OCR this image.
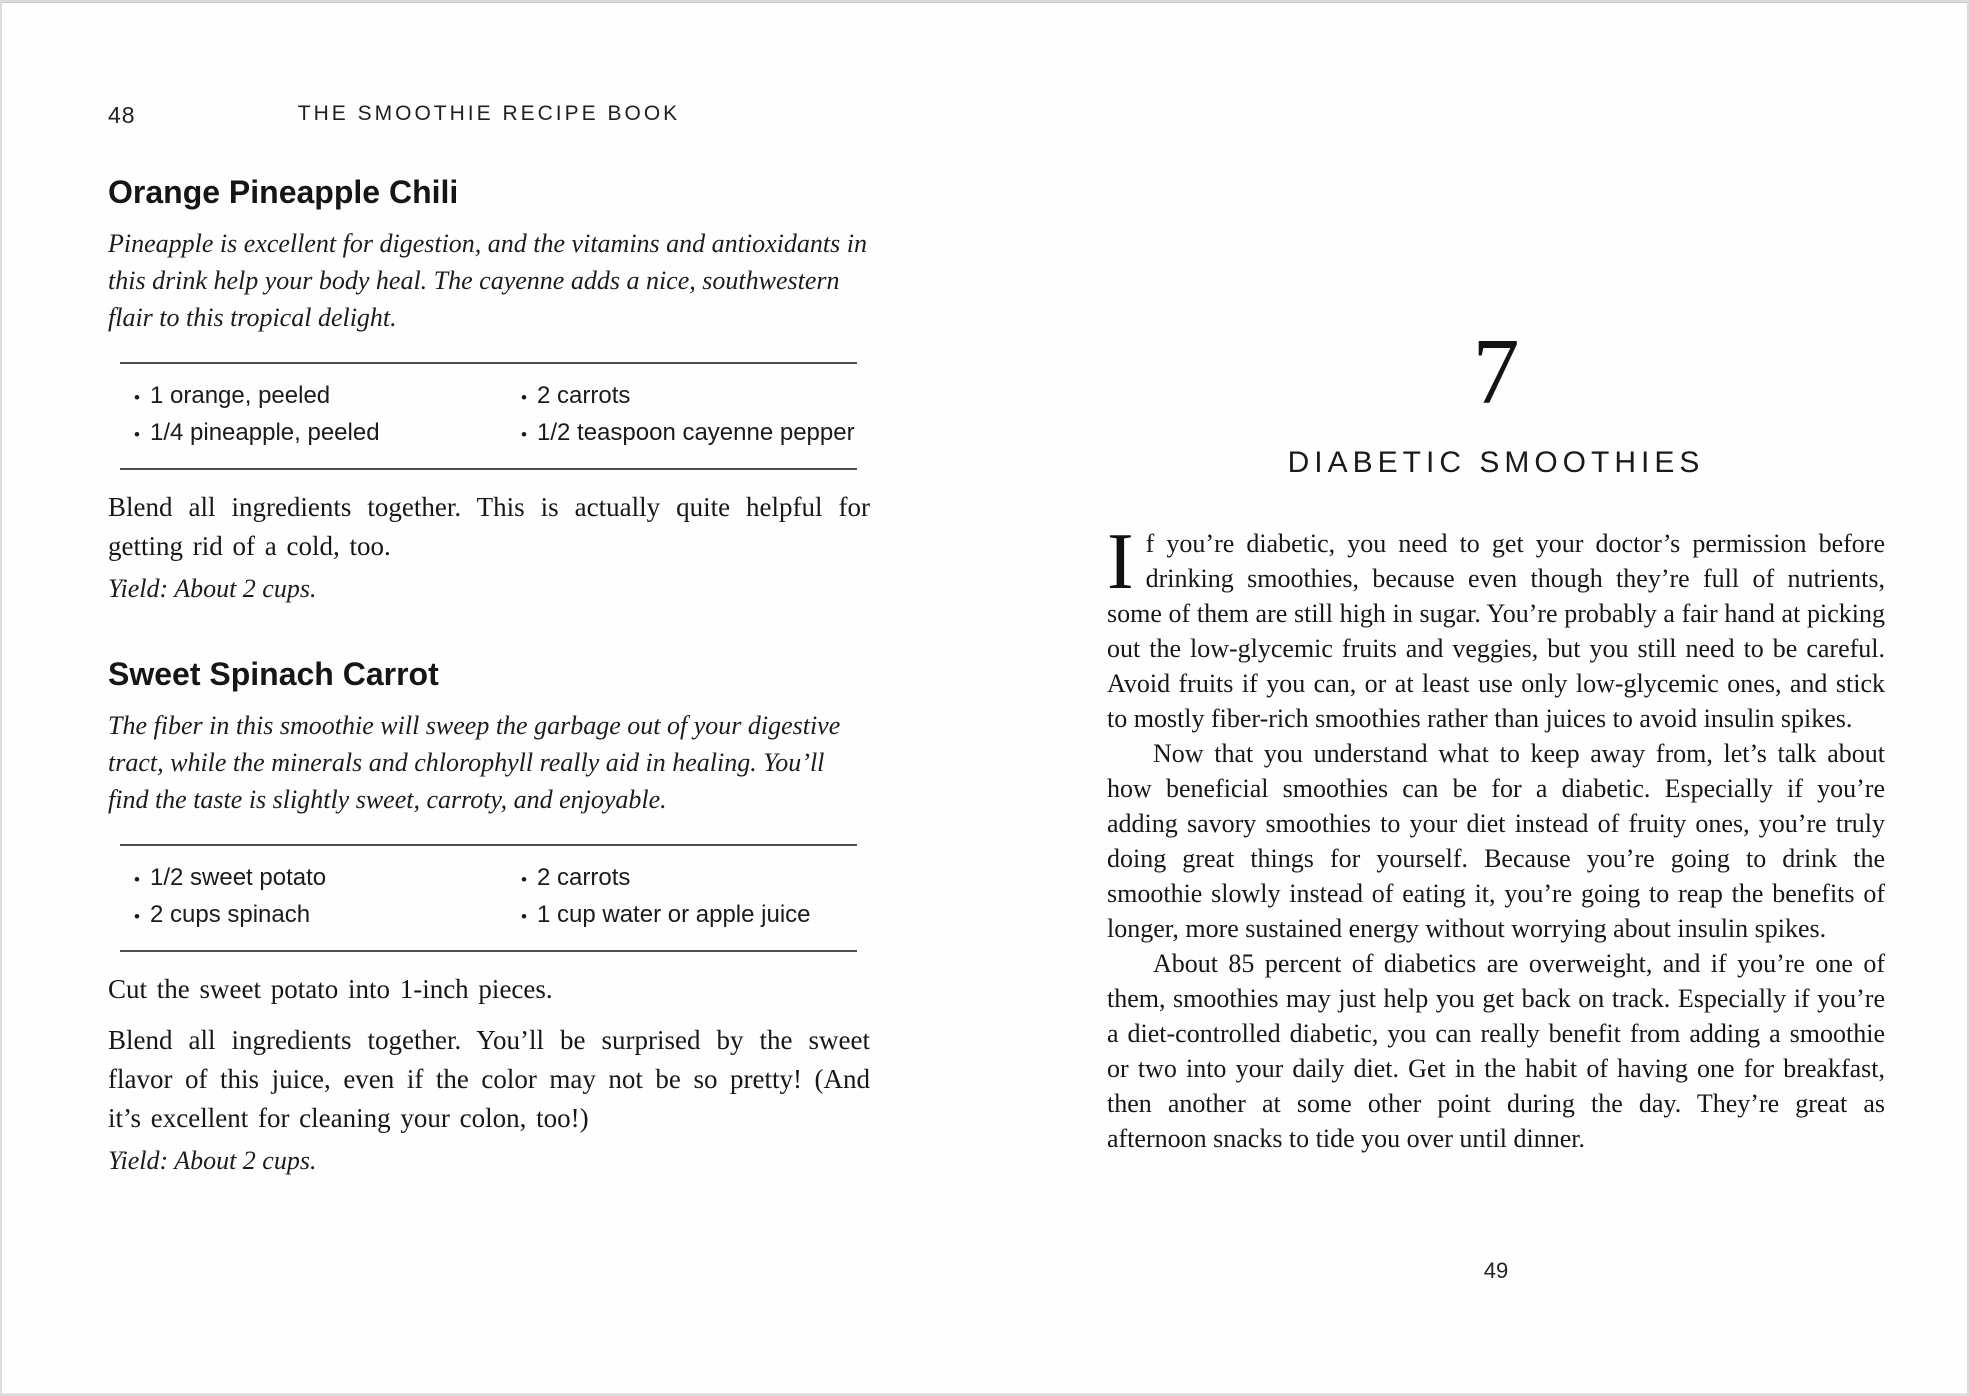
48	THE SMOOTHIE RECIPE BOOK
Orange Pineapple Chili

Pineapple is excellent for digestion, and the vitamins and antioxidants in this drink help your body heal. The cayenne adds a nice, southwestern flair to this tropical delight.

• 1 orange, peeled
• 1/4 pineapple, peeled
• 2 carrots
• 1/2 teaspoon cayenne pepper

Blend all ingredients together. This is actually quite helpful for getting rid of a cold, too.

Yield: About 2 cups.

Sweet Spinach Carrot

The fiber in this smoothie will sweep the garbage out of your digestive tract, while the minerals and chlorophyll really aid in healing. You’ll find the taste is slightly sweet, carroty, and enjoyable.

• 1/2 sweet potato
• 2 cups spinach
• 2 carrots
• 1 cup water or apple juice

Cut the sweet potato into 1-inch pieces.

Blend all ingredients together. You’ll be surprised by the sweet flavor of this juice, even if the color may not be so pretty! (And it’s excellent for cleaning your colon, too!)

Yield: About 2 cups.

7
DIABETIC SMOOTHIES

If you’re diabetic, you need to get your doctor’s permission before drinking smoothies, because even though they’re full of nutrients, some of them are still high in sugar. You’re probably a fair hand at picking out the low-glycemic fruits and veggies, but you still need to be careful. Avoid fruits if you can, or at least use only low-glycemic ones, and stick to mostly fiber-rich smoothies rather than juices to avoid insulin spikes.

Now that you understand what to keep away from, let’s talk about how beneficial smoothies can be for a diabetic. Especially if you’re adding savory smoothies to your diet instead of fruity ones, you’re truly doing great things for yourself. Because you’re going to drink the smoothie slowly instead of eating it, you’re going to reap the benefits of longer, more sustained energy without worrying about insulin spikes.

About 85 percent of diabetics are overweight, and if you’re one of them, smoothies may just help you get back on track. Especially if you’re a diet-controlled diabetic, you can really benefit from adding a smoothie or two into your daily diet. Get in the habit of having one for breakfast, then another at some other point during the day. They’re great as afternoon snacks to tide you over until dinner.

49
